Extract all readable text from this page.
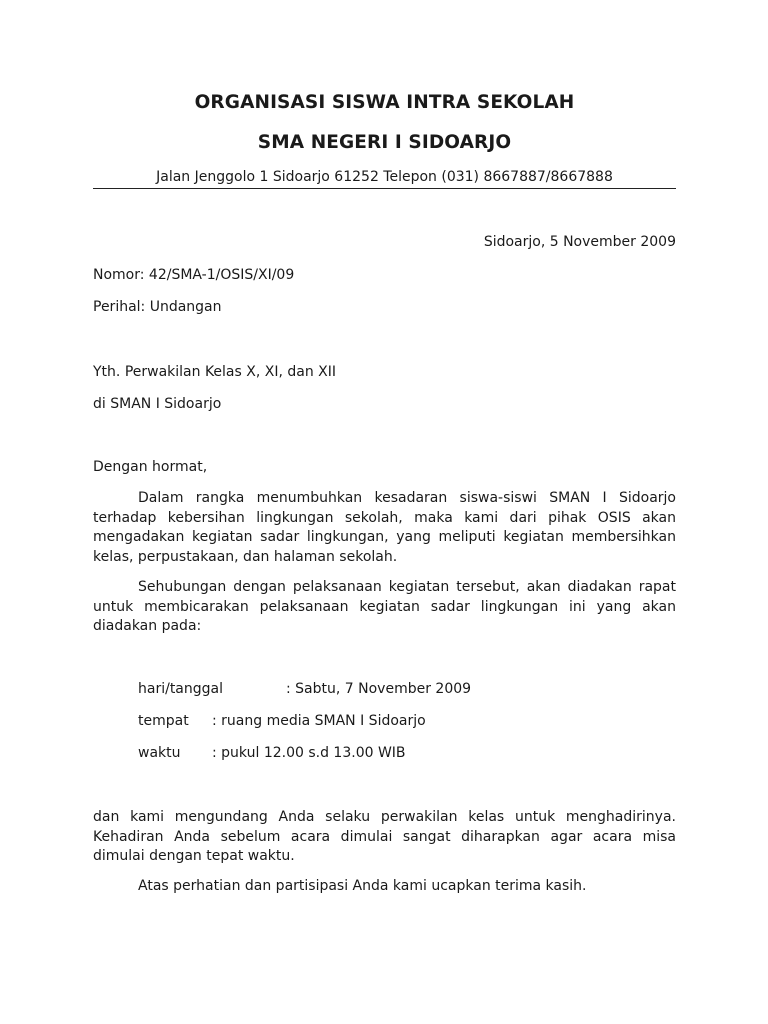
ORGANISASI SISWA INTRA SEKOLAH
SMA NEGERI I SIDOARJO
Jalan Jenggolo 1 Sidoarjo 61252 Telepon (031) 8667887/8667888
Sidoarjo, 5 November 2009
Nomor: 42/SMA-1/OSIS/XI/09
Perihal: Undangan
Yth. Perwakilan Kelas X, XI, dan XII
di SMAN I Sidoarjo
Dengan hormat,
Dalam rangka menumbuhkan kesadaran siswa-siswi SMAN I Sidoarjo terhadap kebersihan lingkungan sekolah, maka kami dari pihak OSIS akan mengadakan kegiatan sadar lingkungan, yang meliputi kegiatan membersihkan kelas, perpustakaan, dan halaman sekolah.
Sehubungan dengan pelaksanaan kegiatan tersebut, akan diadakan rapat untuk membicarakan pelaksanaan kegiatan sadar lingkungan ini yang akan diadakan pada:
hari/tanggal	: Sabtu, 7 November 2009
tempat : ruang media SMAN I Sidoarjo
waktu : pukul 12.00 s.d 13.00 WIB
dan kami mengundang Anda selaku perwakilan kelas untuk menghadirinya. Kehadiran Anda sebelum acara dimulai sangat diharapkan agar acara misa dimulai dengan tepat waktu.
Atas perhatian dan partisipasi Anda kami ucapkan terima kasih.
